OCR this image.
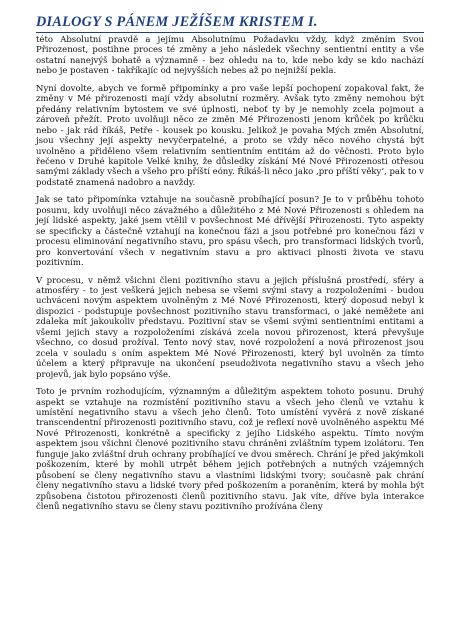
DIALOGY S PÁNEM JEŽÍŠEM KRISTEM I.

této Absolutní pravdě a jejímu Absolutnímu Požadavku vždy, když změním Svou Přirozenost, postihne proces té změny a jeho následek všechny sentientní entity a vše ostatní nanejvýš bohatě a významně - bez ohledu na to, kde nebo kdy se kdo nachází nebo je postaven - takříkajíc od nejvyšších nebes až po nejnižší pekla.

Nyní dovolte, abych ve formě připomínky a pro vaše lepší pochopení zopakoval fakt, že změny v Mé přirozenosti mají vždy absolutní rozměry. Avšak tyto změny nemohou být předány relativním bytostem ve své úplnosti, neboť ty by je nemohly zcela pojmout a zároveň přežít. Proto uvolňuji něco ze změn Mé Přirozenosti jenom krůček po krůčku nebo - jak rád říkáš, Petře - kousek po kousku. Jelikož je povaha Mých změn Absolutní, jsou všechny její aspekty nevyčerpatelné, a proto se vždy něco nového chystá být uvolněno a přiděleno všem relativním sentientním entitám až do věčnosti. Proto bylo řečeno v Druhé kapitole Velké knihy, že důsledky získání Mé Nové Přirozenosti otřesou samými základy všech a všeho pro příští eóny. Říkáš-li něco jako ‚pro příští věky‘, pak to v podstatě znamená nadobro a navždy.

Jak se tato připomínka vztahuje na současně probíhající posun? Je to v průběhu tohoto posunu, kdy uvolňuji něco závažného a důležitého z Mé Nové Přirozenosti s ohledem na její lidské aspekty, jaké jsem vtělil v povšechnost Mé dřívější Přirozenosti. Tyto aspekty se specificky a částečně vztahují na konečnou fázi a jsou potřebné pro konečnou fázi v procesu eliminování negativního stavu, pro spásu všech, pro transformaci lidských tvorů, pro konvertování všech v negativním stavu a pro aktivaci plnosti života ve stavu pozitivním.

V procesu, v němž všichni členi pozitivního stavu a jejich příslušná prostředí, sféry a atmosféry - to jest veškerá jejich nebesa se všemi svými stavy a rozpoloženími - budou uchváceni novým aspektem uvolněným z Mé Nové Přirozenosti, který doposud nebyl k dispozici - podstupuje povšechnost pozitivního stavu transformaci, o jaké neměžete ani zdaleka mít jakoukoliv představu. Pozitivní stav se všemi svými sentientními entitami a všemi jejich stavy a rozpoloženími získává zcela novou přirozenost, která převyšuje všechno, co dosud prožíval. Tento nový stav, nové rozpoložení a nová přirozenost jsou zcela v souladu s oním aspektem Mé Nové Přirozenosti, který byl uvolněn za tímto účelem a který připravuje na ukončení pseudoživota negativního stavu a všech jeho projevů, jak bylo popsáno výše.

Toto je prvním rozhodujícím, významným a důležitým aspektem tohoto posunu. Druhý aspekt se vztahuje na rozmístění pozitivního stavu a všech jeho členů ve vztahu k umístění negativního stavu a všech jeho členů. Toto umístění vyvěrá z nově získané transcendentní přirozenosti pozitivního stavu, což je reflexí nově uvolněného aspektu Mé Nové Přirozenosti, konkrétně a specificky z jejího Lidského aspektu. Tímto novým aspektem jsou všichni členové pozitivního stavu chráněni zvláštním typem izolátoru. Ten funguje jako zvláštní druh ochrany probíhající ve dvou směrech. Chrání je před jakýmkoli poškozením, které by mohli utrpět během jejich potřebných a nutných vzájemných působení se členy negativního stavu a vlastními lidskými tvory; současně pak chrání členy negativního stavu a lidské tvory před poškozením a poraněním, která by mohla být způsobena čistotou přirozenosti členů pozitivního stavu. Jak víte, dříve byla interakce členů negativního stavu se členy stavu pozitivního prožívána členy
